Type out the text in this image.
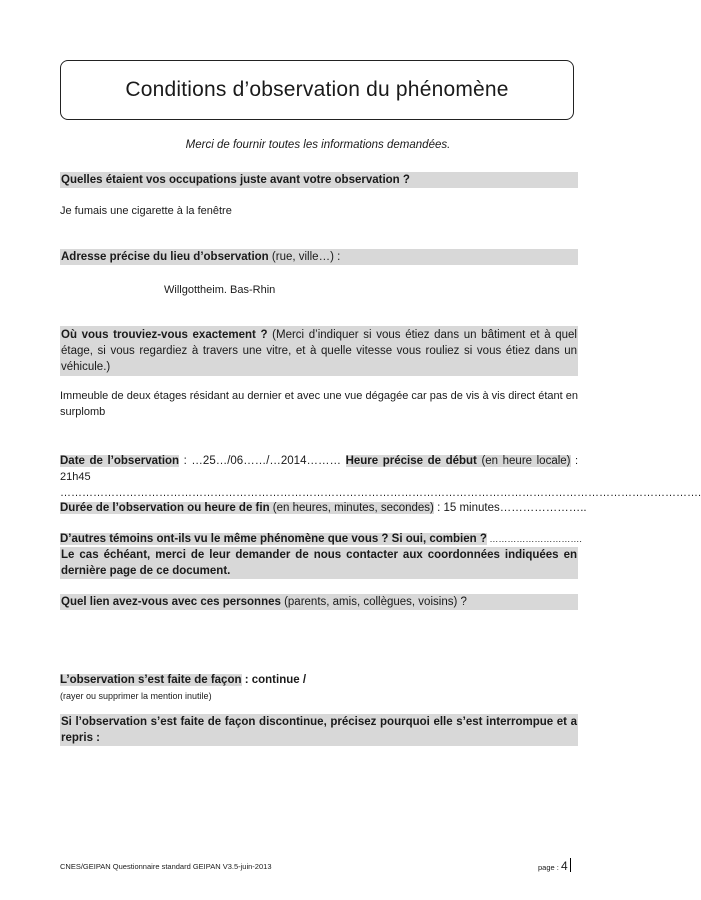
Conditions d’observation du phénomène
Merci de fournir toutes les informations demandées.
Quelles étaient vos occupations juste avant votre observation ?
Je fumais une cigarette à la fenêtre
Adresse précise du lieu d’observation (rue, ville…) :
Willgottheim. Bas-Rhin
Où vous trouviez-vous exactement ? (Merci d’indiquer si vous étiez dans un bâtiment et à quel étage, si vous regardiez à travers une vitre, et à quelle vitesse vous rouliez si vous étiez dans un véhicule.)
Immeuble de deux étages résidant au dernier et avec une vue dégagée car pas de vis à vis direct étant en surplomb
Date de l’observation : …25…/06……/…2014……… Heure précise de début (en heure locale) : 21h45 ………………………………………………………………………………………………………………………………………………………….
Durée de l’observation ou heure de fin (en heures, minutes, secondes) : 15 minutes…………………..
D’autres témoins ont-ils vu le même phénomène que vous ? Si oui, combien ? ………………………….
Le cas échéant, merci de leur demander de nous contacter aux coordonnées indiquées en dernière page de ce document.
Quel lien avez-vous avec ces personnes (parents, amis, collègues, voisins) ?
L’observation s’est faite de façon : continue /
(rayer ou supprimer la mention inutile)
Si l’observation s’est faite de façon discontinue, précisez pourquoi elle s’est interrompue et a repris :
CNES/GEIPAN Questionnaire standard GEIPAN V3.5-juin-2013	page : 4
